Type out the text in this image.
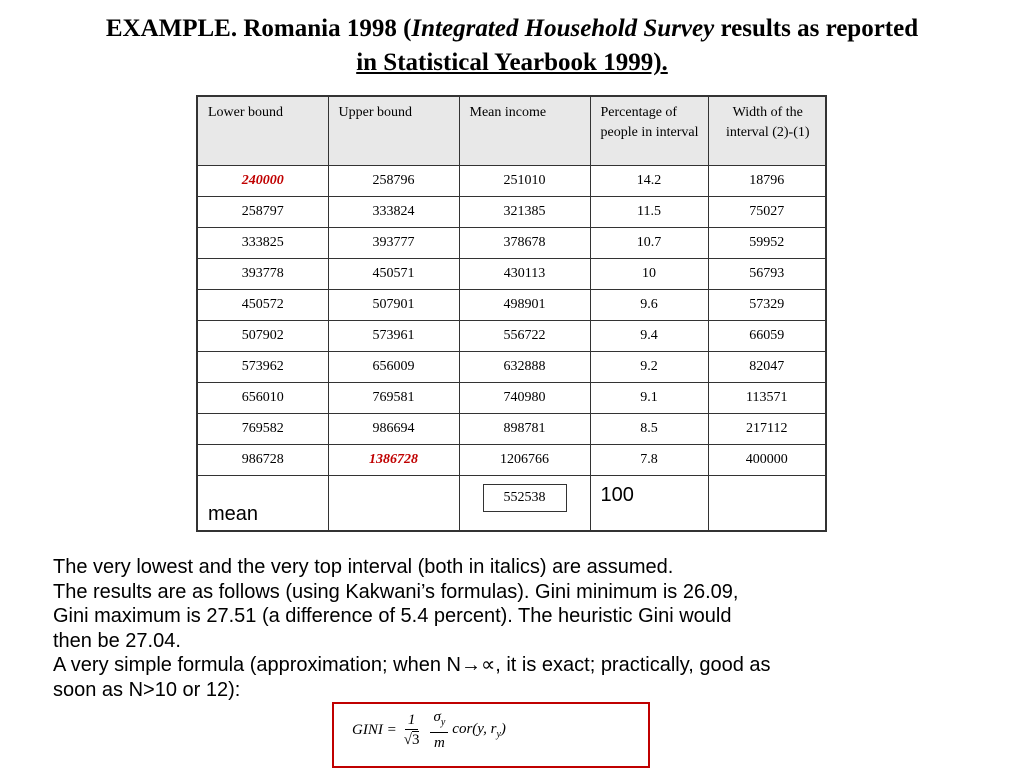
EXAMPLE. Romania 1998 (Integrated Household Survey results as reported
in Statistical Yearbook 1999).
Lower bound	Upper bound	Mean income	Percentage of people in interval	Width of the interval (2)-(1)
240000	258796	251010	14.2	18796
258797	333824	321385	11.5	75027
333825	393777	378678	10.7	59952
393778	450571	430113	10	56793
450572	507901	498901	9.6	57329
507902	573961	556722	9.4	66059
573962	656009	632888	9.2	82047
656010	769581	740980	9.1	113571
769582	986694	898781	8.5	217112
986728	1386728	1206766	7.8	400000

mean		552538	100	

The very lowest and the very top interval (both in italics) are assumed.
The results are as follows (using Kakwani’s formulas). Gini minimum is 26.09,
Gini maximum is 27.51 (a difference of 5.4 percent). The heuristic Gini would
then be 27.04.
A very simple formula (approximation; when N→∝, it is exact; practically, good as
soon as N>10 or 12):
GINI = $\frac{1}{√3} \frac{\sigma_y}{m} cor(y$, $r_y$)
